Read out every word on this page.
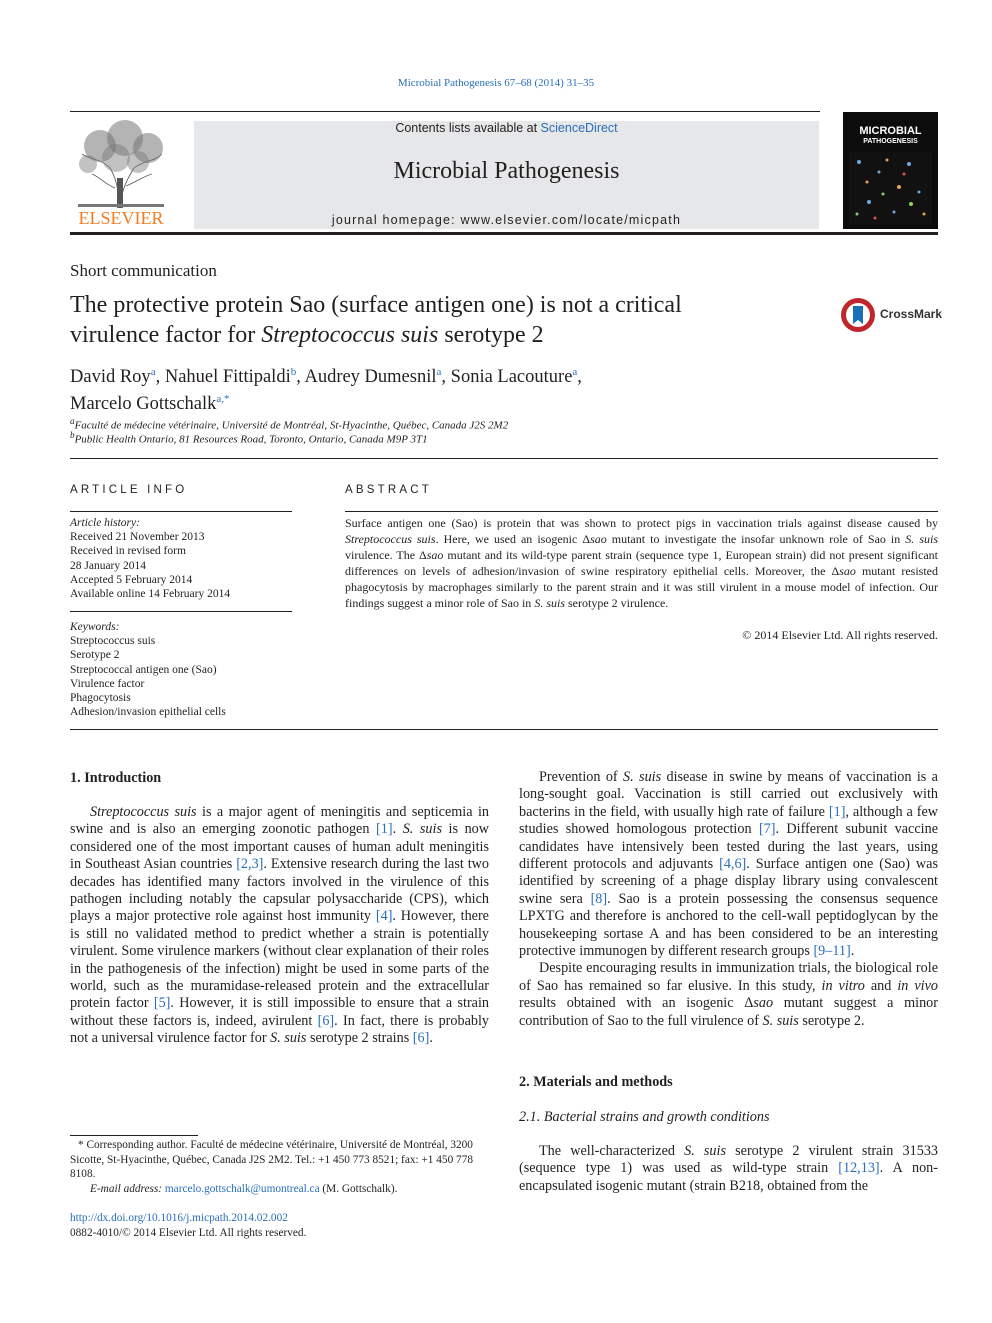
Microbial Pathogenesis 67–68 (2014) 31–35
ELSEVIER
Contents lists available at ScienceDirect
Microbial Pathogenesis
journal homepage: www.elsevier.com/locate/micpath
MICROBIAL
PATHOGENESIS
Short communication
The protective protein Sao (surface antigen one) is not a critical
virulence factor for Streptococcus suis serotype 2
CrossMark
David Roy$^a$, Nahuel Fittipaldi$^b$, Audrey Dumesnil$^a$, Sonia Lacouture$^a$,
Marcelo Gottschalk$^{a,*}$
$^a$Faculté de médecine vétérinaire, Université de Montréal, St-Hyacinthe, Québec, Canada J2S 2M2
$^b$Public Health Ontario, 81 Resources Road, Toronto, Ontario, Canada M9P 3T1
ARTICLE INFO
Article history:
Received 21 November 2013
Received in revised form
28 January 2014
Accepted 5 February 2014
Available online 14 February 2014
Keywords:
Streptococcus suis
Serotype 2
Streptococcal antigen one (Sao)
Virulence factor
Phagocytosis
Adhesion/invasion epithelial cells
ABSTRACT
Surface antigen one (Sao) is protein that was shown to protect pigs in vaccination trials against disease caused by Streptococcus suis. Here, we used an isogenic Δsao mutant to investigate the insofar unknown role of Sao in S. suis virulence. The Δsao mutant and its wild-type parent strain (sequence type 1, European strain) did not present significant differences on levels of adhesion/invasion of swine respiratory epithelial cells. Moreover, the Δsao mutant resisted phagocytosis by macrophages similarly to the parent strain and it was still virulent in a mouse model of infection. Our findings suggest a minor role of Sao in S. suis serotype 2 virulence.
© 2014 Elsevier Ltd. All rights reserved.
1. Introduction

Streptococcus suis is a major agent of meningitis and septicemia in swine and is also an emerging zoonotic pathogen [1]. S. suis is now considered one of the most important causes of human adult meningitis in Southeast Asian countries [2,3]. Extensive research during the last two decades has identified many factors involved in the virulence of this pathogen including notably the capsular polysaccharide (CPS), which plays a major protective role against host immunity [4]. However, there is still no validated method to predict whether a strain is potentially virulent. Some virulence markers (without clear explanation of their roles in the pathogenesis of the infection) might be used in some parts of the world, such as the muramidase-released protein and the extracellular protein factor [5]. However, it is still impossible to ensure that a strain without these factors is, indeed, avirulent [6]. In fact, there is probably not a universal virulence factor for S. suis serotype 2 strains [6].

* Corresponding author. Faculté de médecine vétérinaire, Université de Montréal, 3200 Sicotte, St-Hyacinthe, Québec, Canada J2S 2M2. Tel.: +1 450 773 8521; fax: +1 450 778 8108.
E-mail address: marcelo.gottschalk@umontreal.ca (M. Gottschalk).
http://dx.doi.org/10.1016/j.micpath.2014.02.002
0882-4010/© 2014 Elsevier Ltd. All rights reserved.

Prevention of S. suis disease in swine by means of vaccination is a long-sought goal. Vaccination is still carried out exclusively with bacterins in the field, with usually high rate of failure [1], although a few studies showed homologous protection [7]. Different subunit vaccine candidates have intensively been tested during the last years, using different protocols and adjuvants [4,6]. Surface antigen one (Sao) was identified by screening of a phage display library using convalescent swine sera [8]. Sao is a protein possessing the consensus sequence LPXTG and therefore is anchored to the cell-wall peptidoglycan by the housekeeping sortase A and has been considered to be an interesting protective immunogen by different research groups [9–11].

Despite encouraging results in immunization trials, the biological role of Sao has remained so far elusive. In this study, in vitro and in vivo results obtained with an isogenic Δsao mutant suggest a minor contribution of Sao to the full virulence of S. suis serotype 2.

2. Materials and methods
2.1. Bacterial strains and growth conditions

The well-characterized S. suis serotype 2 virulent strain 31533 (sequence type 1) was used as wild-type strain [12,13]. A non-encapsulated isogenic mutant (strain B218, obtained from the
